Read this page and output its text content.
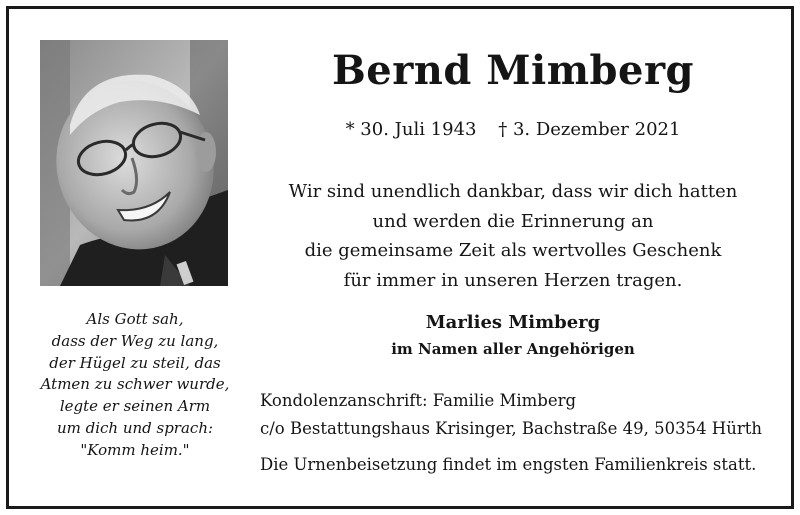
Als Gott sah,
dass der Weg zu lang,
der Hügel zu steil, das
Atmen zu schwer wurde,
legte er seinen Arm
um dich und sprach:
"Komm heim."
Bernd Mimberg
* 30. Juli 1943 † 3. Dezember 2021
Wir sind unendlich dankbar, dass wir dich hatten
und werden die Erinnerung an
die gemeinsame Zeit als wertvolles Geschenk
für immer in unseren Herzen tragen.
Marlies Mimberg
im Namen aller Angehörigen
Kondolenzanschrift: Familie Mimberg
c/o Bestattungshaus Krisinger, Bachstraße 49, 50354 Hürth
Die Urnenbeisetzung findet im engsten Familienkreis statt.
